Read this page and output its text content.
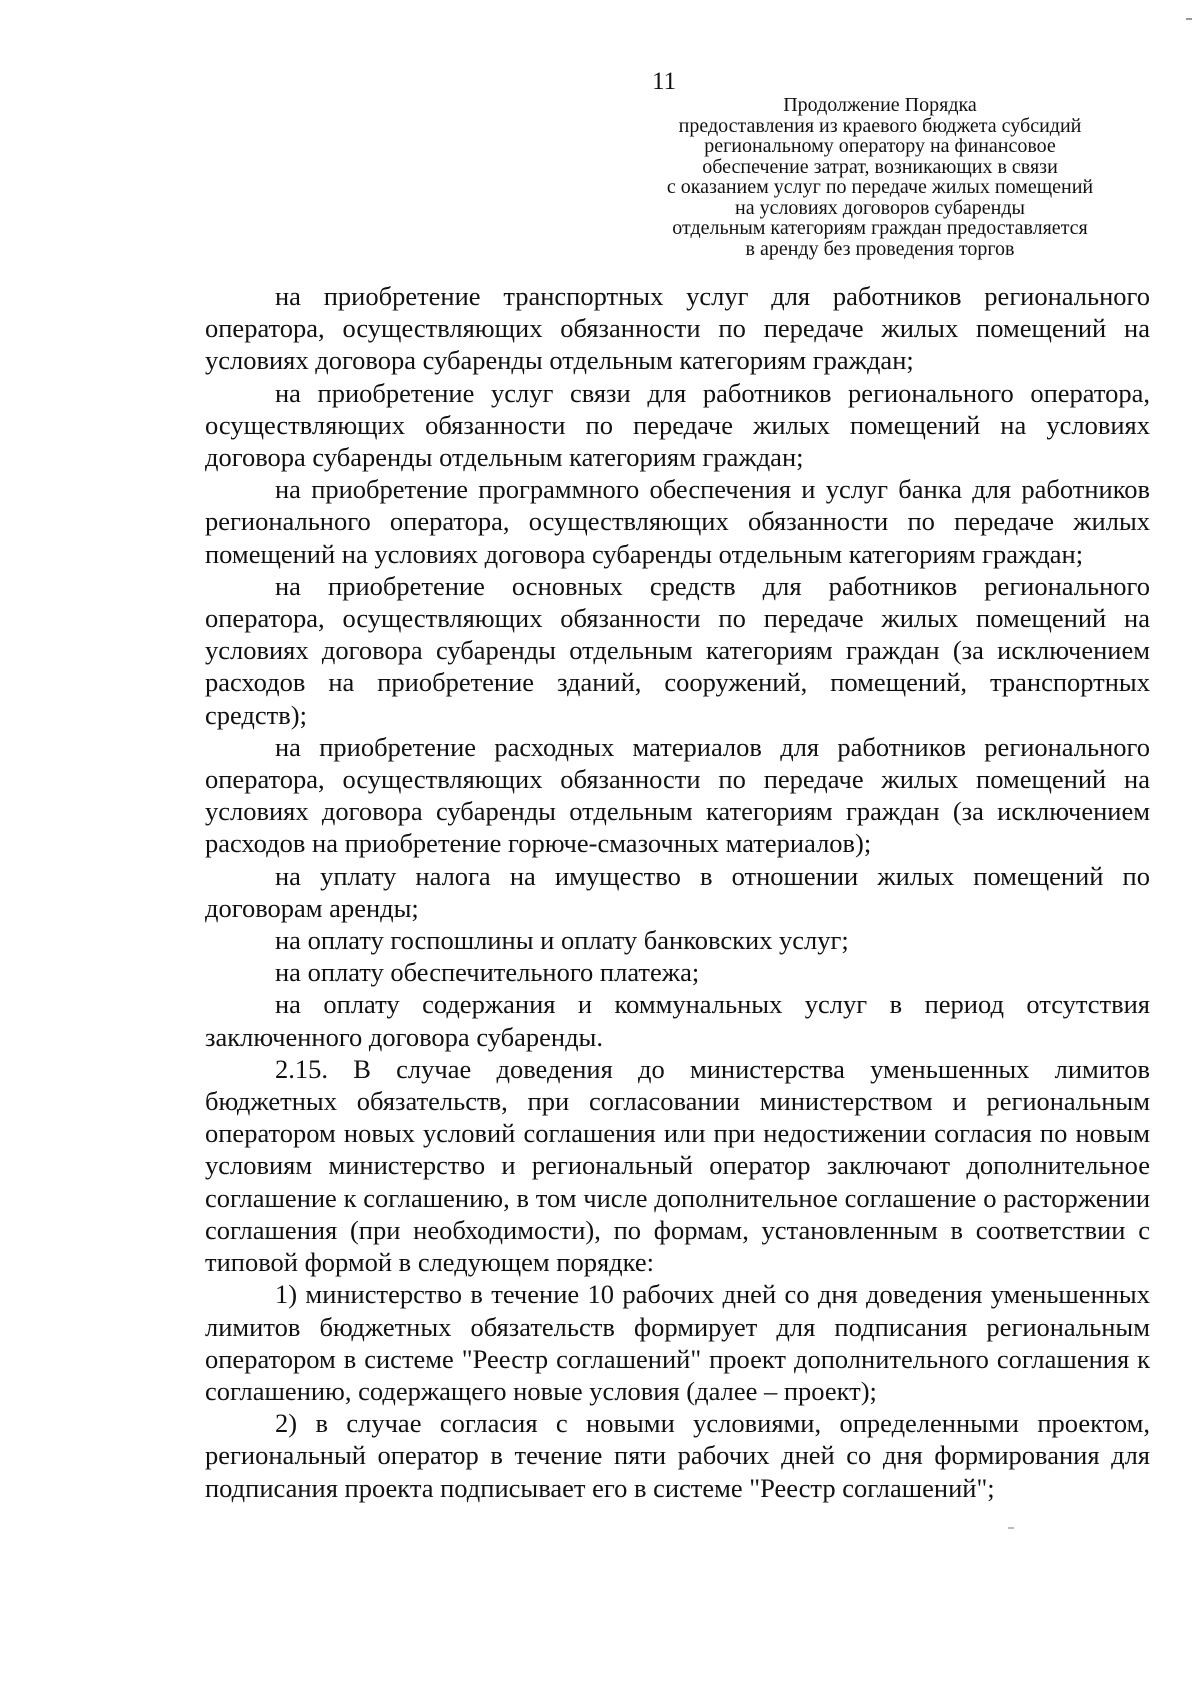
11
Продолжение Порядка
предоставления из краевого бюджета субсидий
региональному оператору на финансовое
обеспечение затрат, возникающих в связи
с оказанием услуг по передаче жилых помещений
на условиях договоров субаренды
отдельным категориям граждан предоставляется
в аренду без проведения торгов

на приобретение транспортных услуг для работников регионального оператора, осуществляющих обязанности по передаче жилых помещений на условиях договора субаренды отдельным категориям граждан;

на приобретение услуг связи для работников регионального оператора, осуществляющих обязанности по передаче жилых помещений на условиях договора субаренды отдельным категориям граждан;

на приобретение программного обеспечения и услуг банка для работников регионального оператора, осуществляющих обязанности по передаче жилых помещений на условиях договора субаренды отдельным категориям граждан;

на приобретение основных средств для работников регионального оператора, осуществляющих обязанности по передаче жилых помещений на условиях договора субаренды отдельным категориям граждан (за исключением расходов на приобретение зданий, сооружений, помещений, транспортных средств);

на приобретение расходных материалов для работников регионального оператора, осуществляющих обязанности по передаче жилых помещений на условиях договора субаренды отдельным категориям граждан (за исключением расходов на приобретение горюче-смазочных материалов);

на уплату налога на имущество в отношении жилых помещений по договорам аренды;

на оплату госпошлины и оплату банковских услуг;

на оплату обеспечительного платежа;

на оплату содержания и коммунальных услуг в период отсутствия заключенного договора субаренды.

2.15. В случае доведения до министерства уменьшенных лимитов бюджетных обязательств, при согласовании министерством и региональным оператором новых условий соглашения или при недостижении согласия по новым условиям министерство и региональный оператор заключают дополнительное соглашение к соглашению, в том числе дополнительное соглашение о расторжении соглашения (при необходимости), по формам, установленным в соответствии с типовой формой в следующем порядке:

1) министерство в течение 10 рабочих дней со дня доведения уменьшенных лимитов бюджетных обязательств формирует для подписания региональным оператором в системе "Реестр соглашений" проект дополнительного соглашения к соглашению, содержащего новые условия (далее – проект);

2) в случае согласия с новыми условиями, определенными проектом, региональный оператор в течение пяти рабочих дней со дня формирования для подписания проекта подписывает его в системе "Реестр соглашений";
